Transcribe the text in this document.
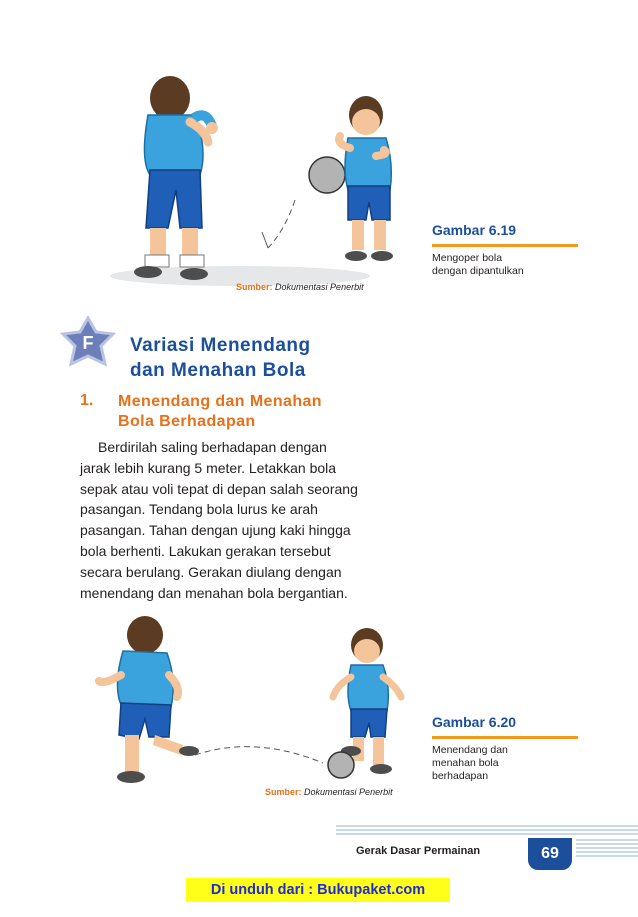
Sumber: Dokumentasi Penerbit
Gambar 6.19
Mengoper bola
dengan dipantulkan
F Variasi Menendang
dan Menahan Bola
1. Menendang dan Menahan
Bola Berhadapan
Berdirilah saling berhadapan dengan
jarak lebih kurang 5 meter. Letakkan bola
sepak atau voli tepat di depan salah seorang
pasangan. Tendang bola lurus ke arah
pasangan. Tahan dengan ujung kaki hingga
bola berhenti. Lakukan gerakan tersebut
secara berulang. Gerakan diulang dengan
menendang dan menahan bola bergantian.
Sumber: Dokumentasi Penerbit
Gambar 6.20
Menendang dan
menahan bola
berhadapan
Gerak Dasar Permainan	69
Di unduh dari : Bukupaket.com
